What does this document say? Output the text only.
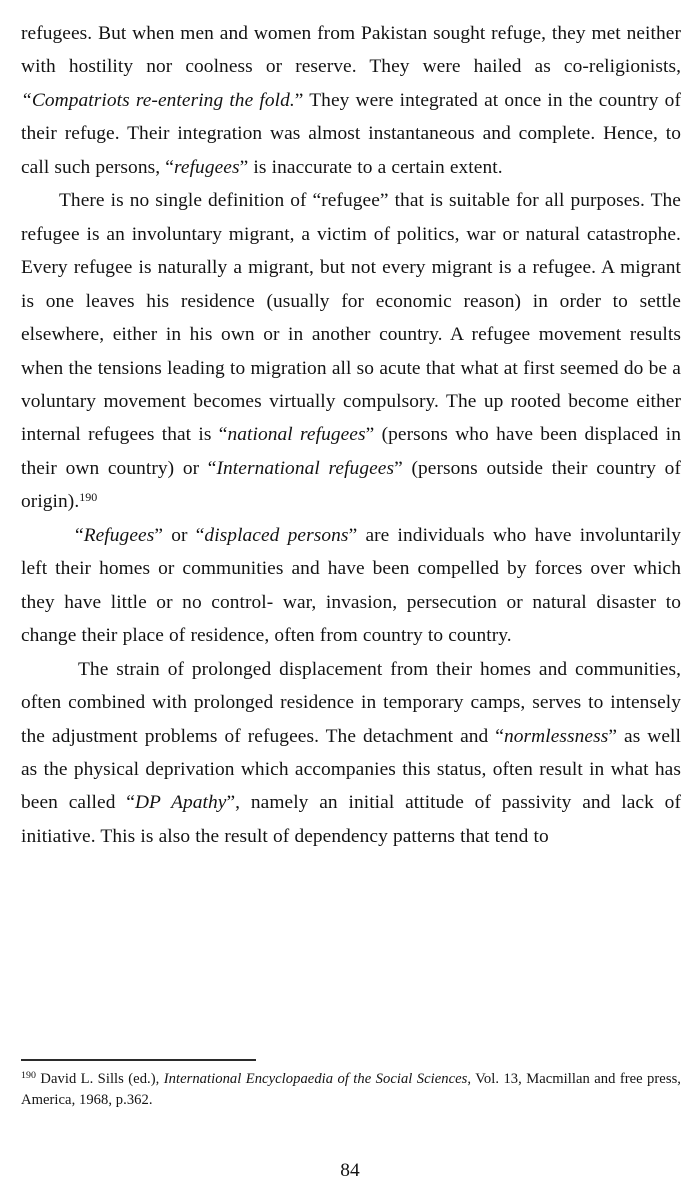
refugees. But when men and women from Pakistan sought refuge, they met neither with hostility nor coolness or reserve. They were hailed as co-religionists, “Compatriots re-entering the fold.” They were integrated at once in the country of their refuge. Their integration was almost instantaneous and complete. Hence, to call such persons, “refugees” is inaccurate to a certain extent.

There is no single definition of “refugee” that is suitable for all purposes. The refugee is an involuntary migrant, a victim of politics, war or natural catastrophe. Every refugee is naturally a migrant, but not every migrant is a refugee. A migrant is one leaves his residence (usually for economic reason) in order to settle elsewhere, either in his own or in another country. A refugee movement results when the tensions leading to migration all so acute that what at first seemed do be a voluntary movement becomes virtually compulsory. The up rooted become either internal refugees that is “national refugees” (persons who have been displaced in their own country) or “International refugees” (persons outside their country of origin).$^{190}$

“Refugees” or “displaced persons” are individuals who have involuntarily left their homes or communities and have been compelled by forces over which they have little or no control- war, invasion, persecution or natural disaster to change their place of residence, often from country to country.

The strain of prolonged displacement from their homes and communities, often combined with prolonged residence in temporary camps, serves to intensely the adjustment problems of refugees. The detachment and “normlessness” as well as the physical deprivation which accompanies this status, often result in what has been called “DP Apathy”, namely an initial attitude of passivity and lack of initiative. This is also the result of dependency patterns that tend to

$^{190}$ David L. Sills (ed.), International Encyclopaedia of the Social Sciences, Vol. 13, Macmillan and free press, America, 1968, p.362.

84
